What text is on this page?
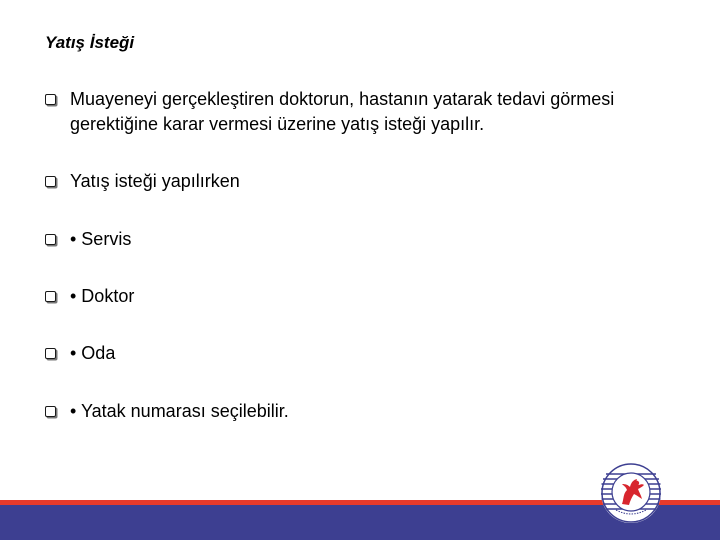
Yatış İsteği
Muayeneyi gerçekleştiren doktorun, hastanın yatarak tedavi görmesi gerektiğine karar vermesi üzerine yatış isteği yapılır.
Yatış isteği yapılırken
• Servis
• Doktor
• Oda
• Yatak numarası seçilebilir.
